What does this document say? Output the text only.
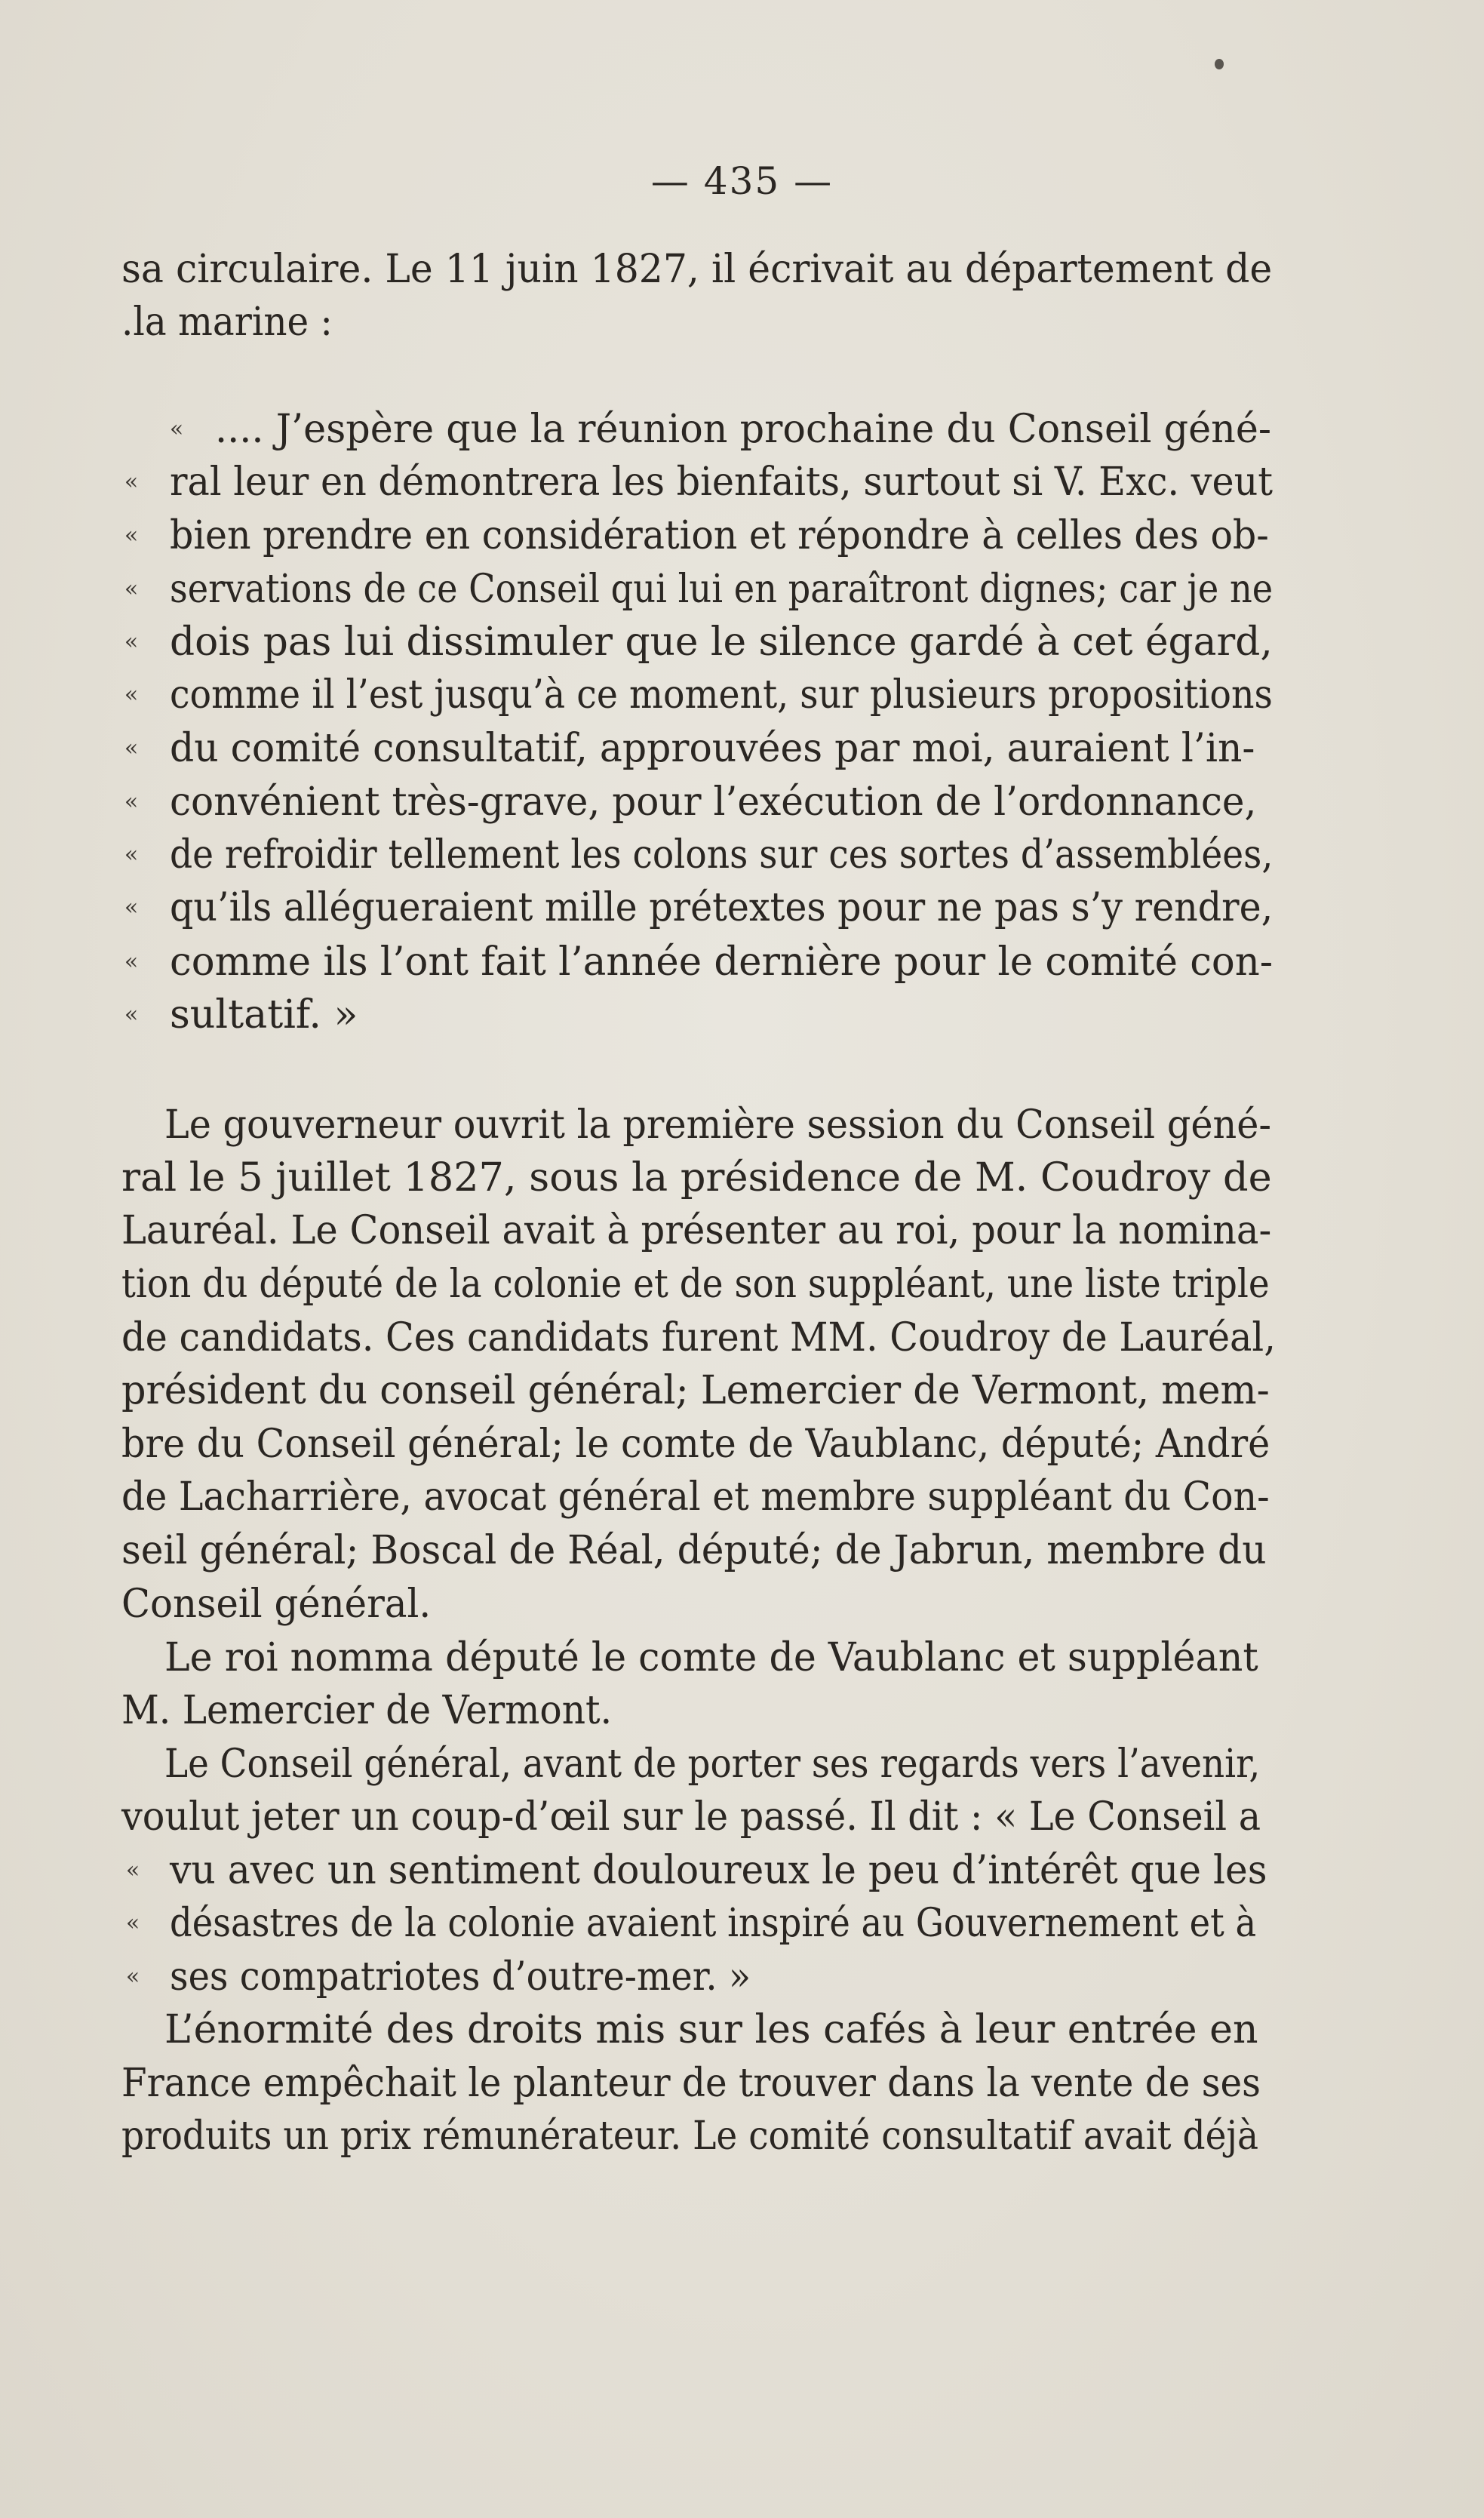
— 435 —
sa circulaire. Le 11 juin 1827, il écrivait au département de
.la marine :
« .... J’espère que la réunion prochaine du Conseil géné-
« ral leur en démontrera les bienfaits, surtout si V. Exc. veut
« bien prendre en considération et répondre à celles des ob-
« servations de ce Conseil qui lui en paraîtront dignes; car je ne
« dois pas lui dissimuler que le silence gardé à cet égard,
« comme il l’est jusqu’à ce moment, sur plusieurs propositions
« du comité consultatif, approuvées par moi, auraient l’in-
« convénient très-grave, pour l’exécution de l’ordonnance,
« de refroidir tellement les colons sur ces sortes d’assemblées,
« qu’ils allégueraient mille prétextes pour ne pas s’y rendre,
« comme ils l’ont fait l’année dernière pour le comité con-
« sultatif. »
Le gouverneur ouvrit la première session du Conseil géné-
ral le 5 juillet 1827, sous la présidence de M. Coudroy de
Lauréal. Le Conseil avait à présenter au roi, pour la nomina-
tion du député de la colonie et de son suppléant, une liste triple
de candidats. Ces candidats furent MM. Coudroy de Lauréal,
président du conseil général; Lemercier de Vermont, mem-
bre du Conseil général; le comte de Vaublanc, député; André
de Lacharrière, avocat général et membre suppléant du Con-
seil général; Boscal de Réal, député; de Jabrun, membre du
Conseil général.
Le roi nomma député le comte de Vaublanc et suppléant
M. Lemercier de Vermont.
Le Conseil général, avant de porter ses regards vers l’avenir,
voulut jeter un coup-d’œil sur le passé. Il dit : « Le Conseil a
« vu avec un sentiment douloureux le peu d’intérêt que les
« désastres de la colonie avaient inspiré au Gouvernement et à
« ses compatriotes d’outre-mer. »
L’énormité des droits mis sur les cafés à leur entrée en
France empêchait le planteur de trouver dans la vente de ses
produits un prix rémunérateur. Le comité consultatif avait déjà
